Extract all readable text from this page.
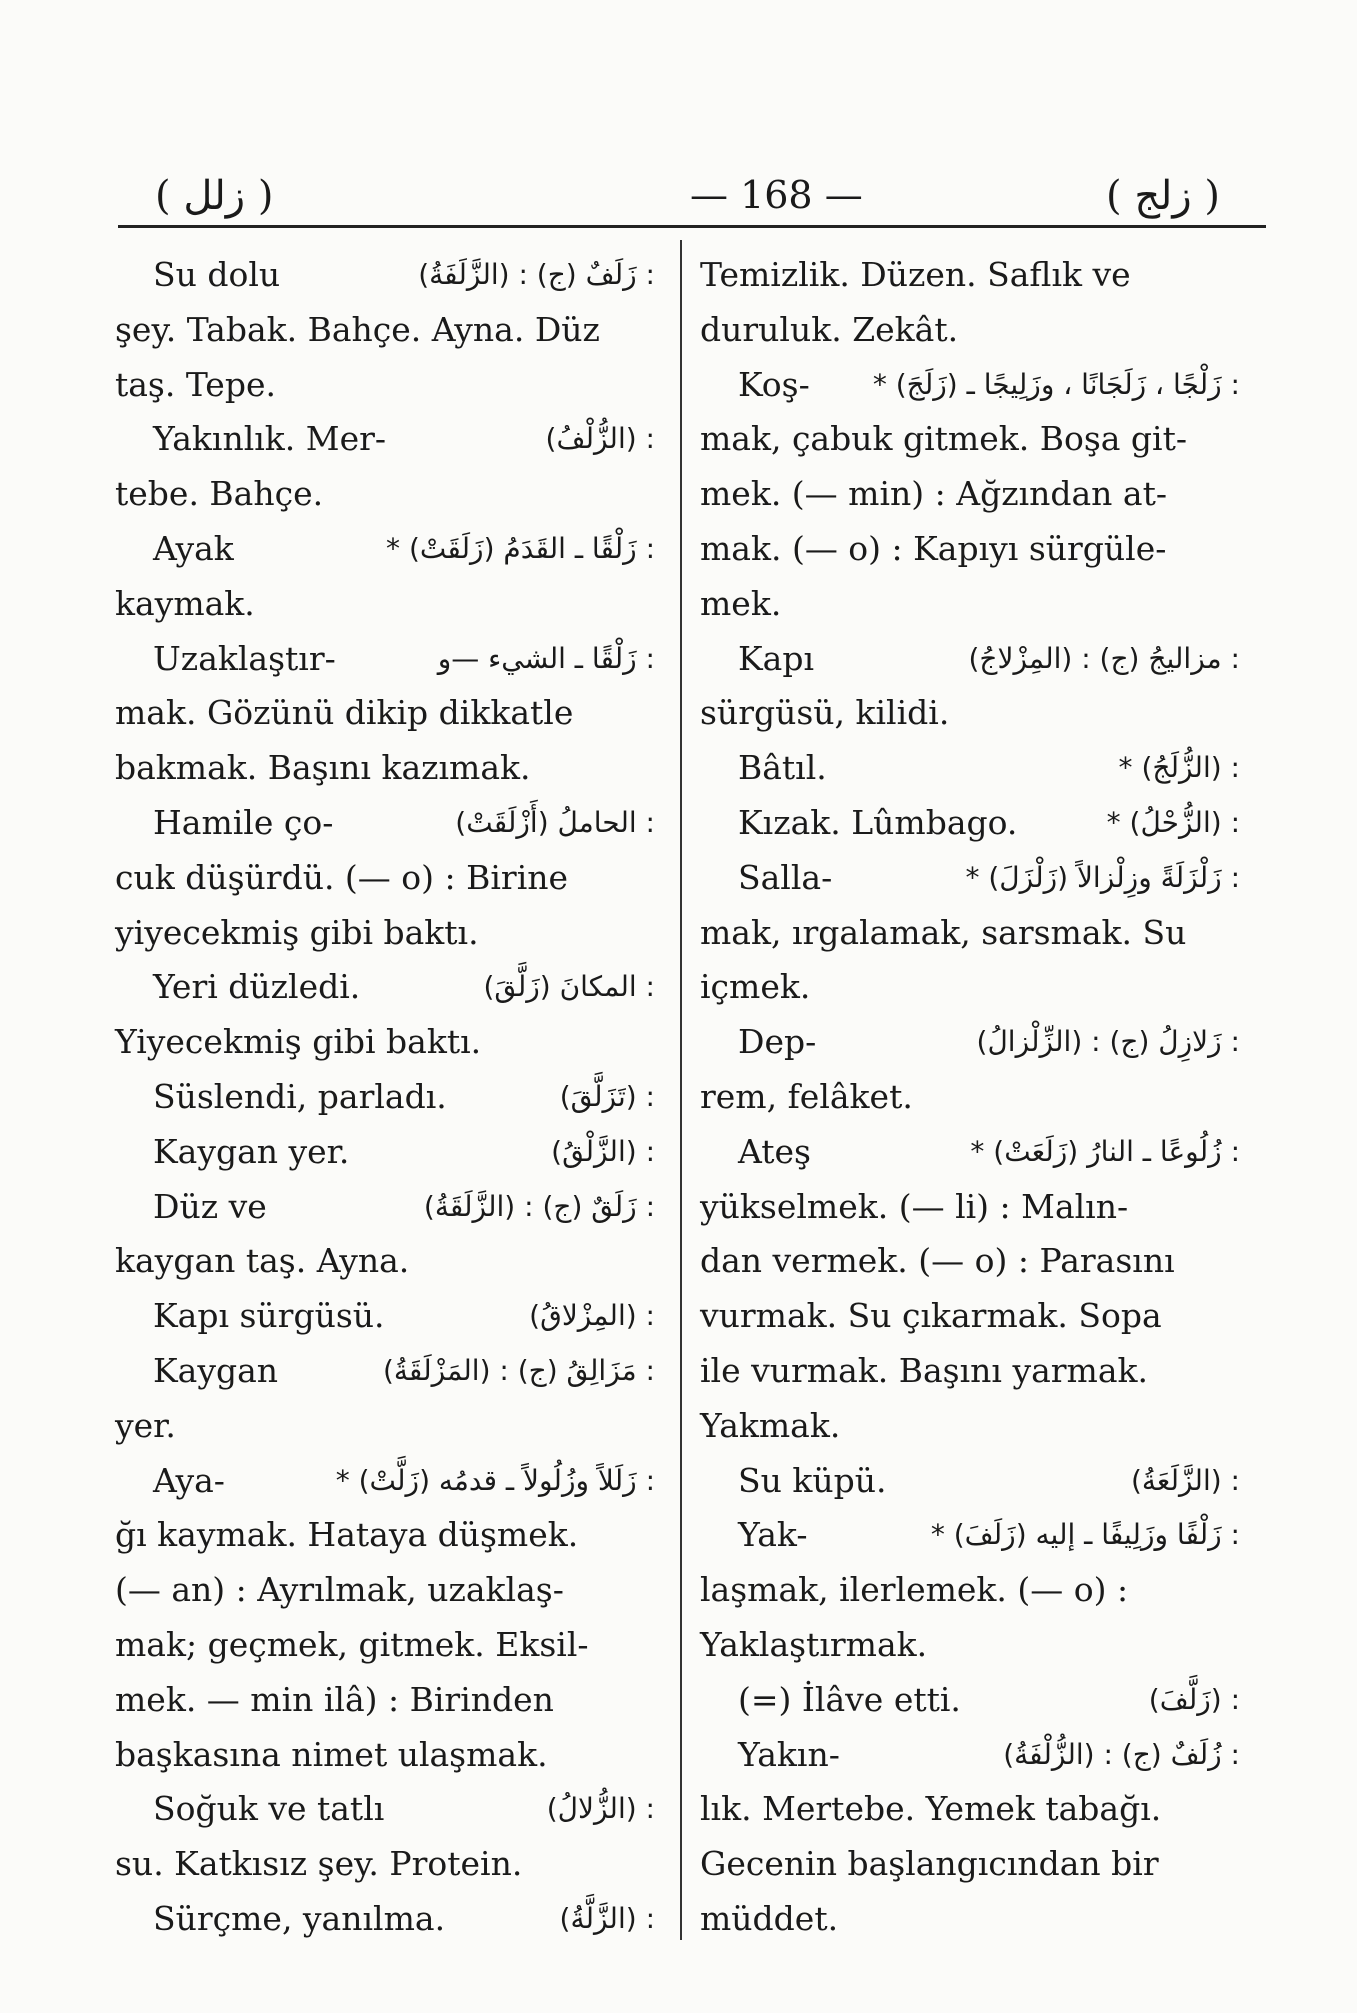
( زلل )	— 168 —	( زلج )
Su dolu	: زَلَفٌ (ج) : (الزَّلَفَةُ)
şey. Tabak. Bahçe. Ayna. Düz
taş. Tepe.
Yakınlık. Mer-	: (الزُّلْفُ)
tebe. Bahçe.
Ayak	: زَلْقًا ـ القَدَمُ (زَلَقَتْ) *
kaymak.
Uzaklaştır-	: زَلْقًا ـ الشيء —و
mak. Gözünü dikip dikkatle
bakmak. Başını kazımak.
Hamile ço-	: الحاملُ (أَزْلَقَتْ)
cuk düşürdü. (— o) : Birine
yiyecekmiş gibi baktı.
Yeri düzledi.	: المكانَ (زَلَّقَ)
Yiyecekmiş gibi baktı.
Süslendi, parladı.	: (تَزَلَّقَ)
Kaygan yer.	: (الزَّلْقُ)
Düz ve	: زَلَقٌ (ج) : (الزَّلَقَةُ)
kaygan taş. Ayna.
Kapı sürgüsü.	: (المِزْلاقُ)
Kaygan	: مَزَالِقُ (ج) : (المَزْلَقَةُ)
yer.
Aya-	: زَلَلاً وزُلُولاً ـ قدمُه (زَلَّتْ) *
ğı kaymak. Hataya düşmek.
(— an) : Ayrılmak, uzaklaş-
mak; geçmek, gitmek. Eksil-
mek. — min ilâ) : Birinden
başkasına nimet ulaşmak.
Soğuk ve tatlı	: (الزُّلالُ)
su. Katkısız şey. Protein.
Sürçme, yanılma.	: (الزَّلَّةُ)
Temizlik. Düzen. Saflık ve
duruluk. Zekât.
Koş- : زَلْجًا ، زَلَجَانًا ، وزَلِيجًا ـ (زَلَجَ) *
mak, çabuk gitmek. Boşa git-
mek. (— min) : Ağzından at-
mak. (— o) : Kapıyı sürgüle-
mek.
Kapı	: مزاليجُ (ج) : (المِزْلاجُ)
sürgüsü, kilidi.
Bâtıl.	: (الزُّلَجُ) *
Kızak. Lûmbago.	: (الزُّحْلُ) *
Salla-	: زَلْزَلَةً وزِلْزالاً (زَلْزَلَ) *
mak, ırgalamak, sarsmak. Su
içmek.
Dep-	: زَلازِلُ (ج) : (الزِّلْزالُ)
rem, felâket.
Ateş	: زُلُوعًا ـ النارُ (زَلَعَتْ) *
yükselmek. (— li) : Malın-
dan vermek. (— o) : Parasını
vurmak. Su çıkarmak. Sopa
ile vurmak. Başını yarmak.
Yakmak.
Su küpü.	: (الزَّلَعَةُ)
Yak-	: زَلْفًا وزَلِيفًا ـ إليه (زَلَفَ) *
laşmak, ilerlemek. (— o) :
Yaklaştırmak.
(=) İlâve etti.	: (زَلَّفَ)
Yakın-	: زُلَفٌ (ج) : (الزُّلْفَةُ)
lık. Mertebe. Yemek tabağı.
Gecenin başlangıcından bir
müddet.
